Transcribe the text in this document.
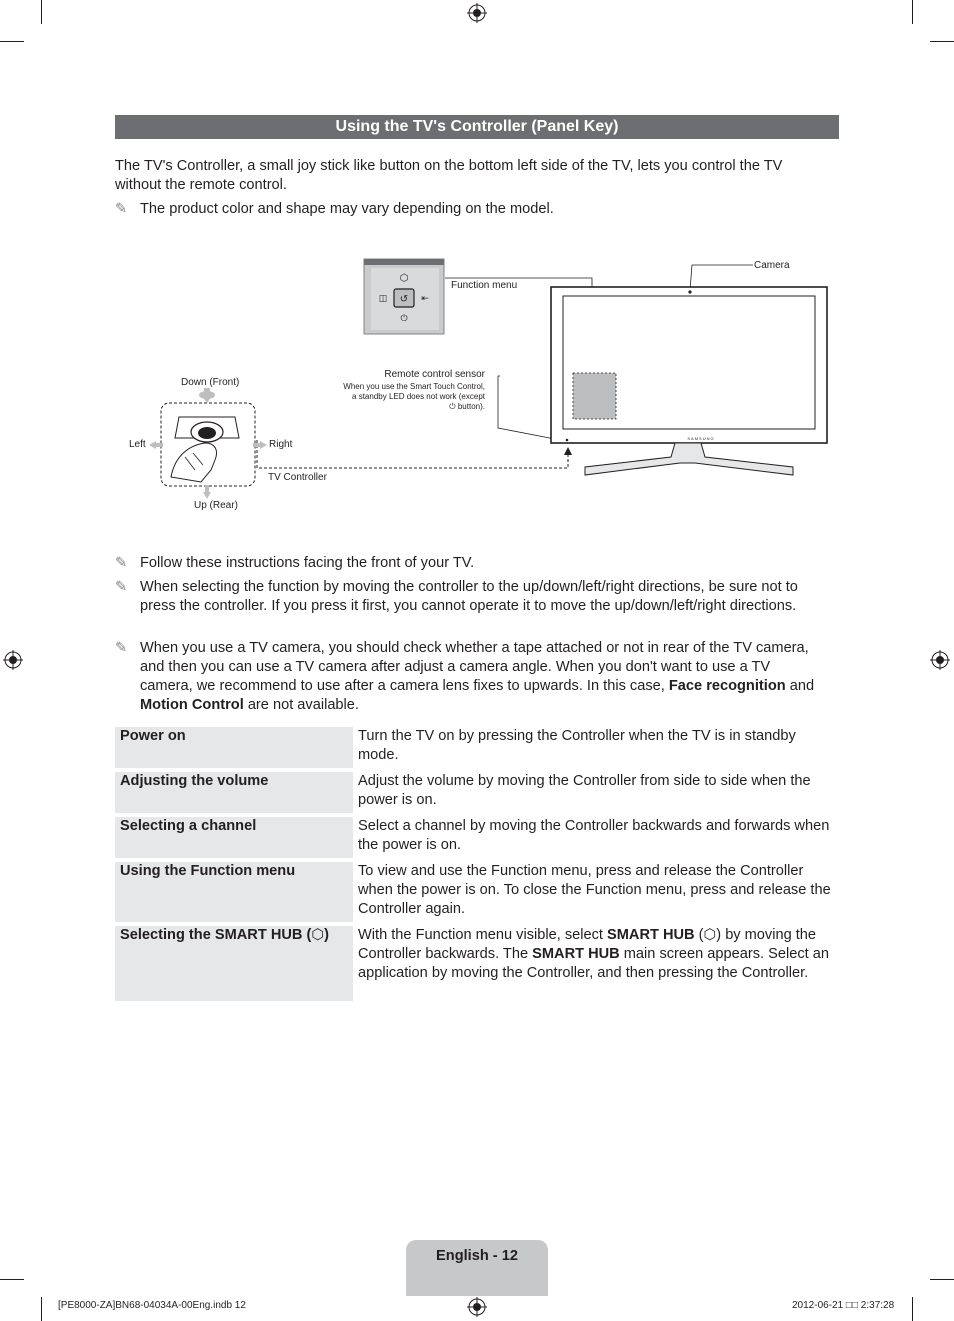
Using the TV's Controller (Panel Key)
The TV's Controller, a small joy stick like button on the bottom left side of the TV, lets you control the TV without the remote control.
✎ The product color and shape may vary depending on the model.
↺
⬡
◫	⇤
⏻
SAMSUNG
Function menu
Camera
Remote control sensor
When you use the Smart Touch Control,
a standby LED does not work (except
⏻ button).
Down (Front)
Up (Rear)
Left	Right
TV Controller
✎ Follow these instructions facing the front of your TV.
✎ When selecting the function by moving the controller to the up/down/left/right directions, be sure not to press the controller. If you press it first, you cannot operate it to move the up/down/left/right directions.
✎ When you use a TV camera, you should check whether a tape attached or not in rear of the TV camera, and then you can use a TV camera after adjust a camera angle. When you don't want to use a TV camera, we recommend to use after a camera lens fixes to upwards. In this case, Face recognition and Motion Control are not available.
Power on		Turn the TV on by pressing the Controller when the TV is in standby mode.
Adjusting the volume		Adjust the volume by moving the Controller from side to side when the power is on.
Selecting a channel		Select a channel by moving the Controller backwards and forwards when the power is on.
Using the Function menu		To view and use the Function menu, press and release the Controller when the power is on. To close the Function menu, press and release the Controller again.
Selecting the SMART HUB (⬡)		With the Function menu visible, select SMART HUB (⬡) by moving the Controller backwards. The SMART HUB main screen appears. Select an application by moving the Controller, and then pressing the Controller.
English - 12
[PE8000-ZA]BN68-04034A-00Eng.indb 12	2012-06-21 □□ 2:37:28
